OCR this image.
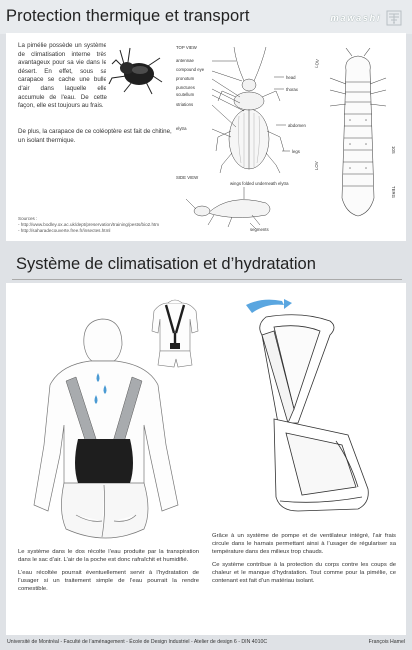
Protection thermique et transport	mawashi

La pimélie possède un système de climatisation interne très avantageux pour sa vie dans le désert. En effet, sous sa carapace se cache une bulle d'air dans laquelle elle accumule de l'eau. De cette façon, elle est toujours au frais.

De plus, la carapace de ce coléoptère est fait de chitine, un isolant thermique.
TOP VIEW
antennae
compound eye
pronotum
punctures
scutellum
striations
elytra
head
thorax
abdomen
legs
SIDE VIEW
wings folded underneath elytra
segments
LOV
10S
LOV
TERG
Sources :
- http://www.bodley.ox.ac.uk/dept/preservation/training/pests/bio2.htm
- http://saharadecouverte.free.fr/insectes.html
Système de climatisation et d’hydratation

Le système dans le dos récolte l’eau produite par la transpiration dans le sac d’air. L’air de la poche est donc rafraîchit et humidifié.

L’eau récoltée pourrait éventuellement servir à l’hydratation de l’usager si un traitement simple de l’eau pourrait la rendre comestible.

Grâce à un système de pompe et de ventilateur intégré, l’air frais circule dans le harnais permettant ainsi à l’usager de régulariser sa température dans des milieux trop chauds.

Ce système contribue à la protection du corps contre les coups de chaleur et le manque d’hydratation. Tout comme pour la pimélie, ce contenant est fait d’un matériau isolant.

Université de Montréal - Faculté de l’aménagement - École de Design Industriel - Atelier de design 6 - DIN 4010C	François Hamel
